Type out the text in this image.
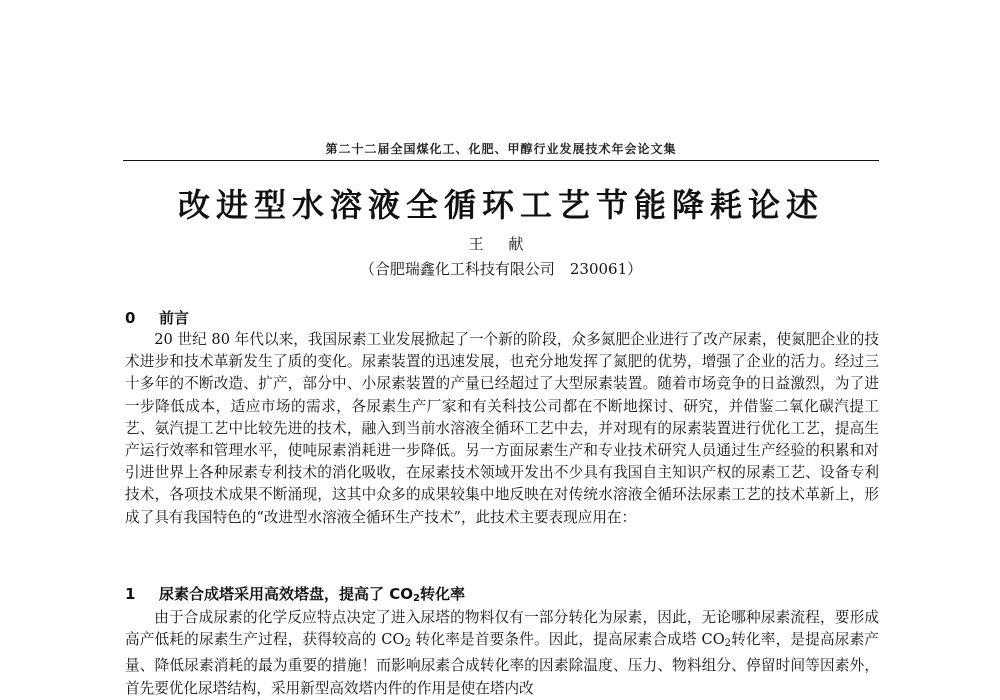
第二十二届全国煤化工、化肥、甲醇行业发展技术年会论文集
改进型水溶液全循环工艺节能降耗论述
王 献
（合肥瑞鑫化工科技有限公司　230061）
0 前言

20 世纪 80 年代以来，我国尿素工业发展掀起了一个新的阶段，众多氮肥企业进行了改产尿素，使氮肥企业的技术进步和技术革新发生了质的变化。尿素装置的迅速发展，也充分地发挥了氮肥的优势，增强了企业的活力。经过三十多年的不断改造、扩产，部分中、小尿素装置的产量已经超过了大型尿素装置。随着市场竞争的日益激烈，为了进一步降低成本，适应市场的需求，各尿素生产厂家和有关科技公司都在不断地探讨、研究，并借鉴二氧化碳汽提工艺、氨汽提工艺中比较先进的技术，融入到当前水溶液全循环工艺中去，并对现有的尿素装置进行优化工艺，提高生产运行效率和管理水平，使吨尿素消耗进一步降低。另一方面尿素生产和专业技术研究人员通过生产经验的积累和对引进世界上各种尿素专利技术的消化吸收，在尿素技术领域开发出不少具有我国自主知识产权的尿素工艺、设备专利技术，各项技术成果不断涌现，这其中众多的成果较集中地反映在对传统水溶液全循环法尿素工艺的技术革新上，形成了具有我国特色的“改进型水溶液全循环生产技术”，此技术主要表现应用在：

1 尿素合成塔采用高效塔盘，提高了 $CO_2$转化率

由于合成尿素的化学反应特点决定了进入尿塔的物料仅有一部分转化为尿素，因此，无论哪种尿素流程，要形成高产低耗的尿素生产过程，获得较高的 $CO_2$ 转化率是首要条件。因此，提高尿素合成塔 $CO_2$转化率，是提高尿素产量、降低尿素消耗的最为重要的措施！而影响尿素合成转化率的因素除温度、压力、物料组分、停留时间等因素外，首先要优化尿塔结构，采用新型高效塔内件的作用是使在塔内改
